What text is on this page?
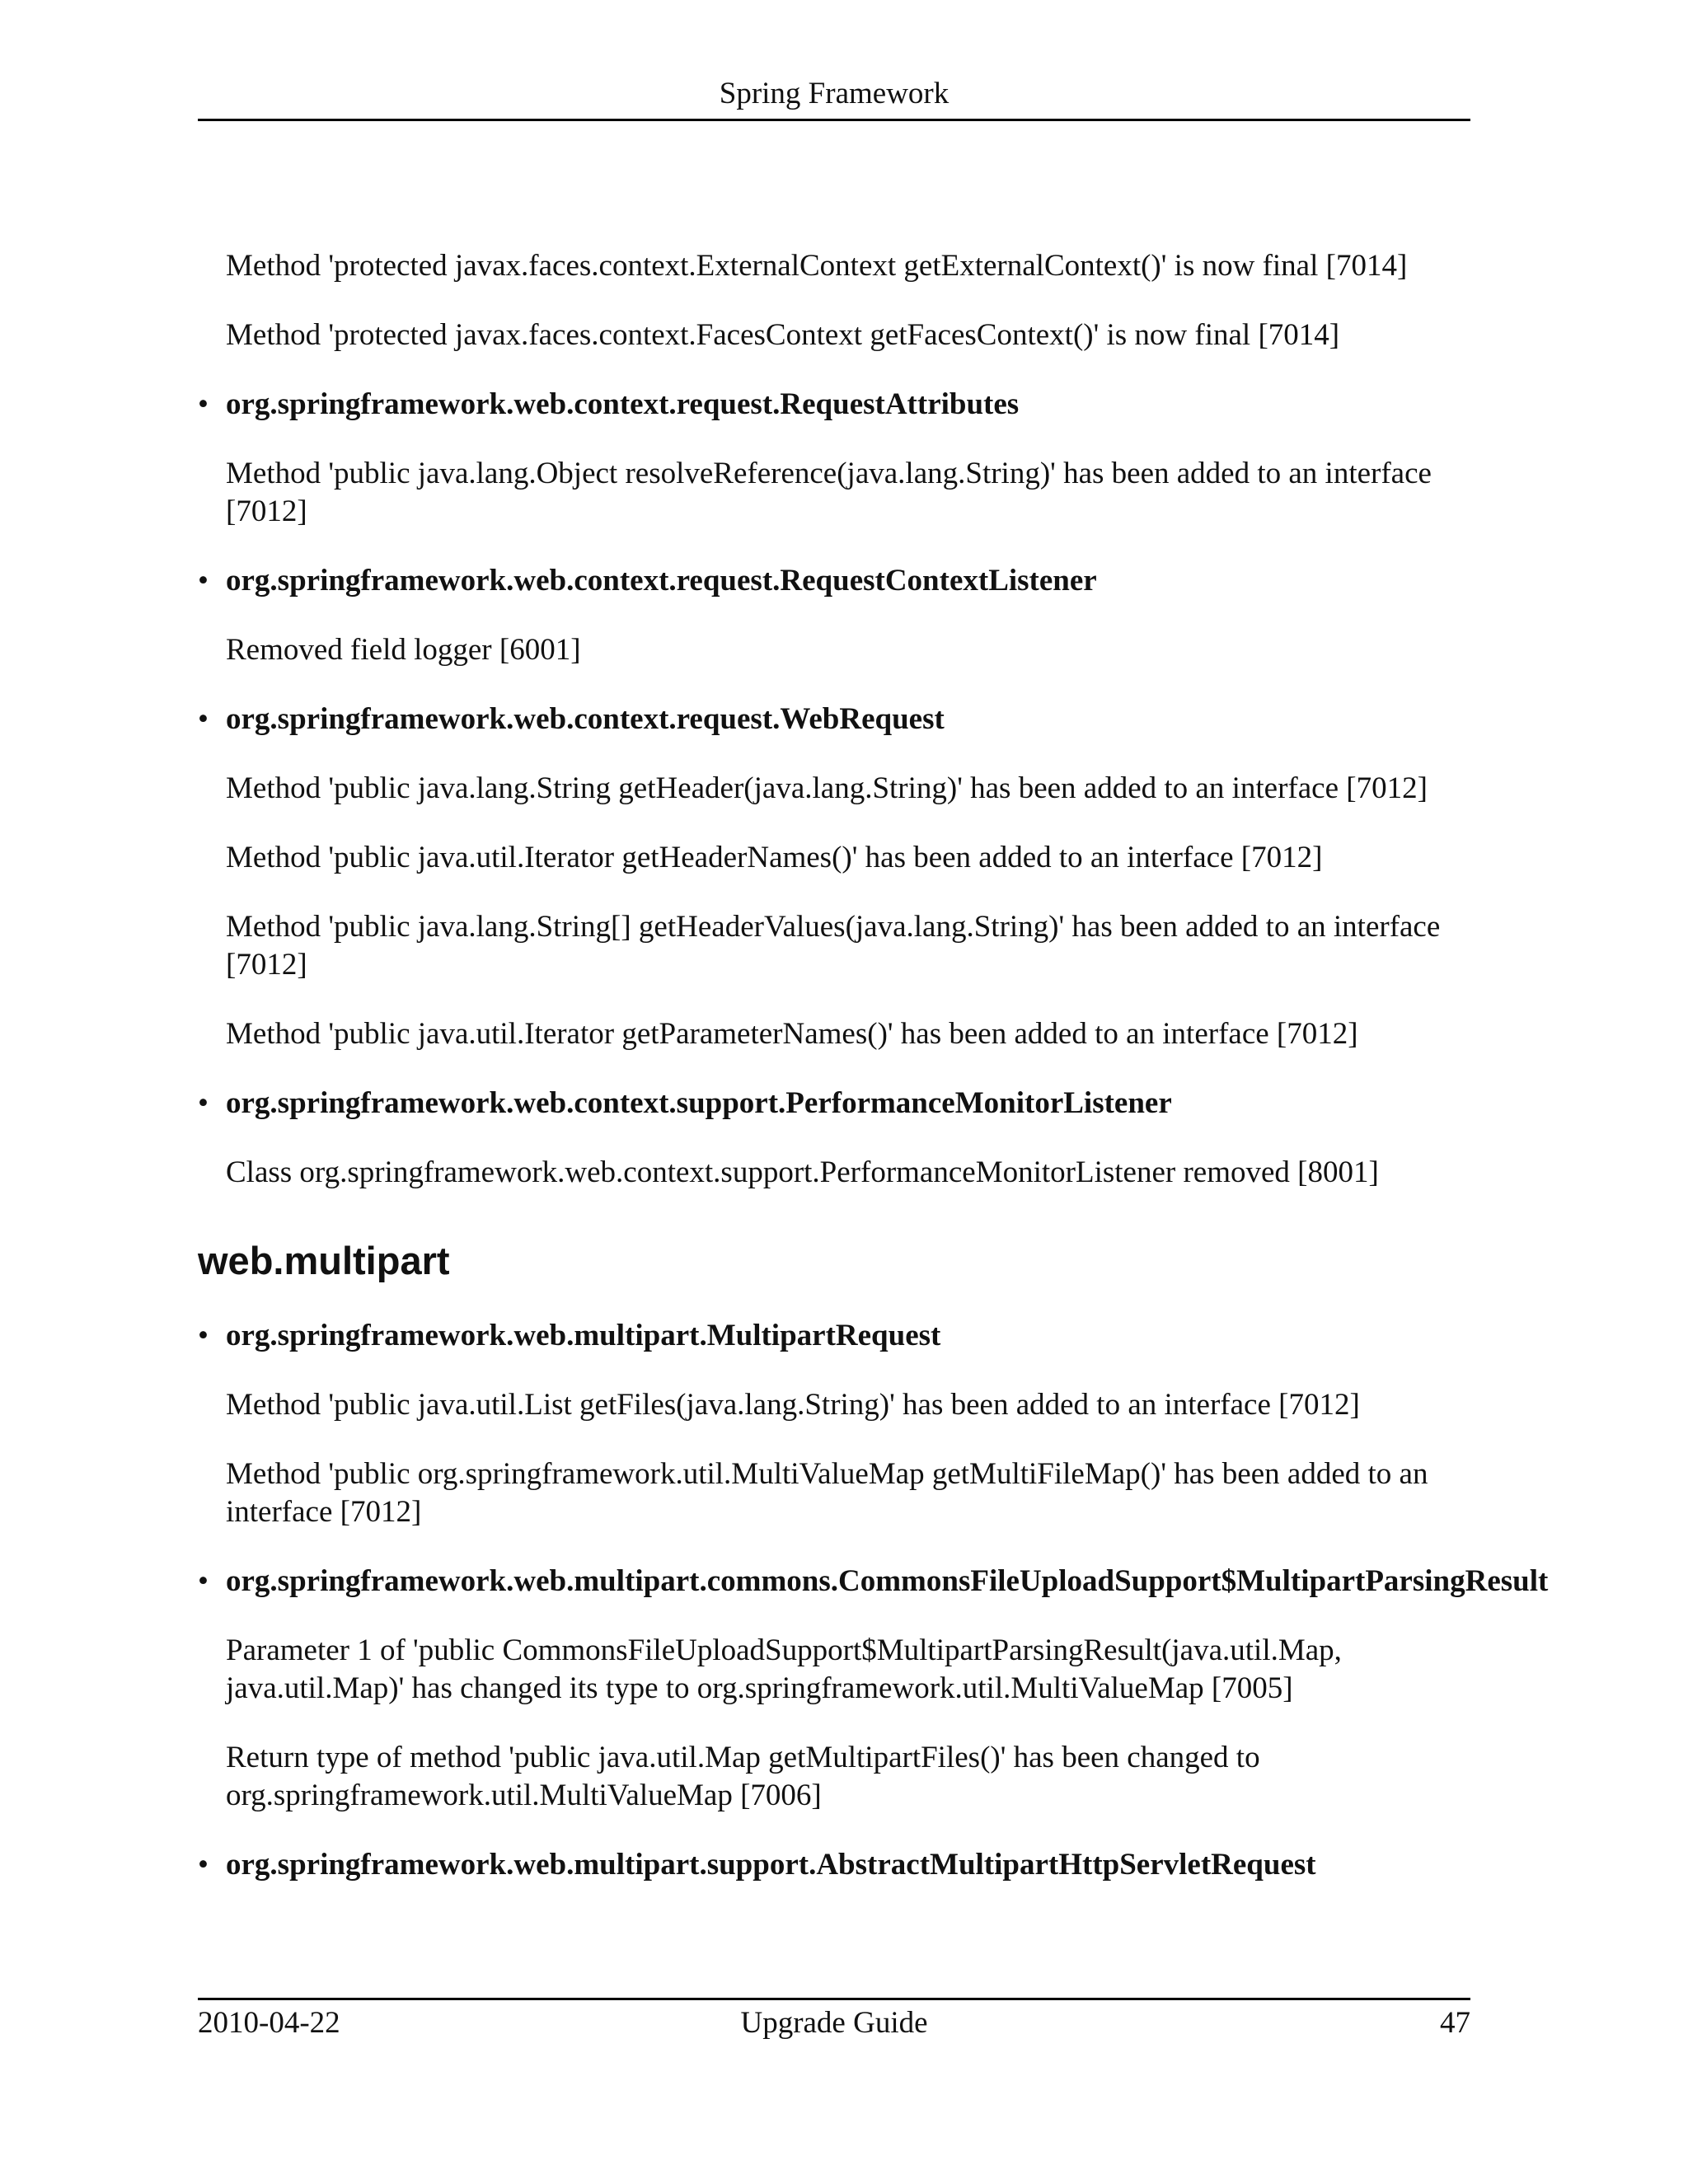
Spring Framework

Method 'protected javax.faces.context.ExternalContext getExternalContext()' is now final [7014]

Method 'protected javax.faces.context.FacesContext getFacesContext()' is now final [7014]

• org.springframework.web.context.request.RequestAttributes

Method 'public java.lang.Object resolveReference(java.lang.String)' has been added to an interface [7012]

• org.springframework.web.context.request.RequestContextListener

Removed field logger [6001]

• org.springframework.web.context.request.WebRequest

Method 'public java.lang.String getHeader(java.lang.String)' has been added to an interface [7012]

Method 'public java.util.Iterator getHeaderNames()' has been added to an interface [7012]

Method 'public java.lang.String[] getHeaderValues(java.lang.String)' has been added to an interface [7012]

Method 'public java.util.Iterator getParameterNames()' has been added to an interface [7012]

• org.springframework.web.context.support.PerformanceMonitorListener

Class org.springframework.web.context.support.PerformanceMonitorListener removed [8001]

web.multipart
• org.springframework.web.multipart.MultipartRequest

Method 'public java.util.List getFiles(java.lang.String)' has been added to an interface [7012]

Method 'public org.springframework.util.MultiValueMap getMultiFileMap()' has been added to an interface [7012]

• org.springframework.web.multipart.commons.CommonsFileUploadSupport$MultipartParsingResult

Parameter 1 of 'public CommonsFileUploadSupport$MultipartParsingResult(java.util.Map, java.util.Map)' has changed its type to org.springframework.util.MultiValueMap [7005]

Return type of method 'public java.util.Map getMultipartFiles()' has been changed to org.springframework.util.MultiValueMap [7006]

• org.springframework.web.multipart.support.AbstractMultipartHttpServletRequest
2010-04-22	Upgrade Guide	47
